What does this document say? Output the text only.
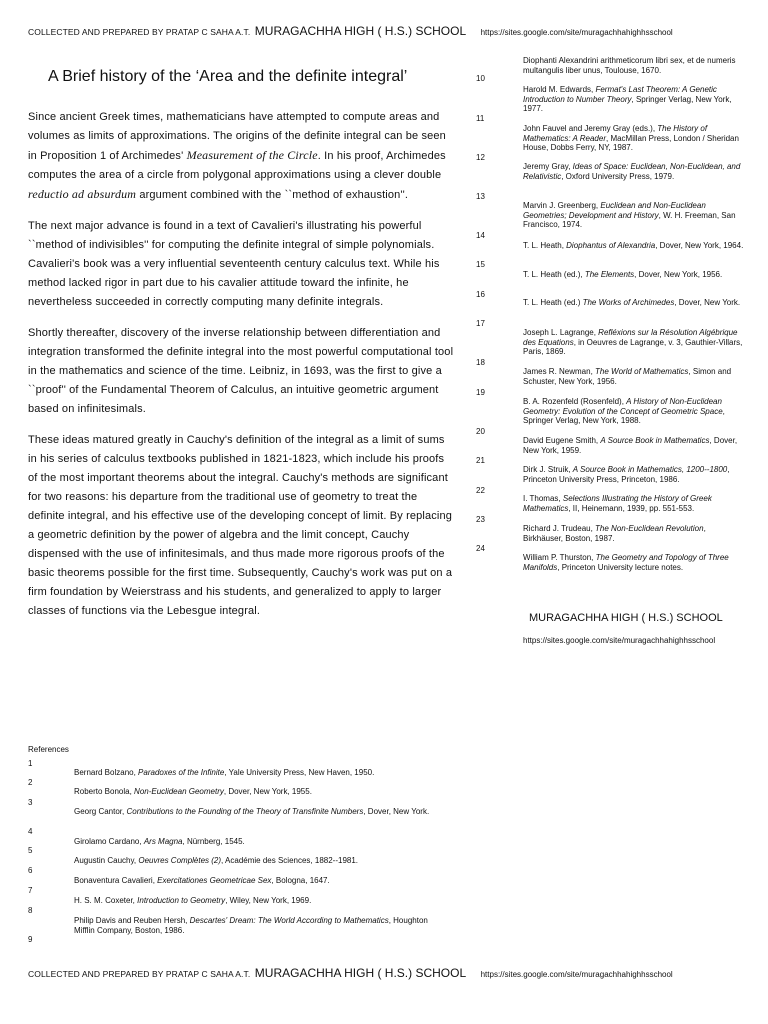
COLLECTED AND PREPARED BY PRATAP C SAHA A.T. MURAGACHHA HIGH ( H.S.) SCHOOL https://sites.google.com/site/muragachhahighhsschool
A Brief history of the ‘Area and the definite integral’

Since ancient Greek times, mathematicians have attempted to compute areas and volumes as limits of approximations. The origins of the definite integral can be seen in Proposition 1 of Archimedes' Measurement of the Circle. In his proof, Archimedes computes the area of a circle from polygonal approximations using a clever double reductio ad absurdum argument combined with the ``method of exhaustion''.

The next major advance is found in a text of Cavalieri's illustrating his powerful ``method of indivisibles'' for computing the definite integral of simple polynomials. Cavalieri's book was a very influential seventeenth century calculus text. While his method lacked rigor in part due to his cavalier attitude toward the infinite, he nevertheless succeeded in correctly computing many definite integrals.

Shortly thereafter, discovery of the inverse relationship between differentiation and integration transformed the definite integral into the most powerful computational tool in the mathematics and science of the time. Leibniz, in 1693, was the first to give a ``proof'' of the Fundamental Theorem of Calculus, an intuitive geometric argument based on infinitesimals.

These ideas matured greatly in Cauchy's definition of the integral as a limit of sums in his series of calculus textbooks published in 1821-1823, which include his proofs of the most important theorems about the integral. Cauchy's methods are significant for two reasons: his departure from the traditional use of geometry to treat the definite integral, and his effective use of the developing concept of limit. By replacing a geometric definition by the power of algebra and the limit concept, Cauchy dispensed with the use of infinitesimals, and thus made more rigorous proofs of the basic theorems possible for the first time. Subsequently, Cauchy's work was put on a firm foundation by Weierstrass and his students, and generalized to apply to larger classes of functions via the Lebesgue integral.

References
1
2
3
4
5
6
7
8
9
10
11
12
13
14
15
16
17
18
19
20
21
22
23
24
Bernard Bolzano, Paradoxes of the Infinite, Yale University Press, New Haven, 1950.
Roberto Bonola, Non-Euclidean Geometry, Dover, New York, 1955.
Georg Cantor, Contributions to the Founding of the Theory of Transfinite Numbers, Dover, New York.
Girolamo Cardano, Ars Magna, Nürnberg, 1545.
Augustin Cauchy, Oeuvres Complètes (2), Académie des Sciences, 1882--1981.
Bonaventura Cavalieri, Exercitationes Geometricae Sex, Bologna, 1647.
H. S. M. Coxeter, Introduction to Geometry, Wiley, New York, 1969.
Philip Davis and Reuben Hersh, Descartes' Dream: The World According to Mathematics, Houghton Mifflin Company, Boston, 1986.
Diophanti Alexandrini arithmeticorum libri sex, et de numeris multangulis liber unus, Toulouse, 1670.
Harold M. Edwards, Fermat's Last Theorem: A Genetic Introduction to Number Theory, Springer Verlag, New York, 1977.
John Fauvel and Jeremy Gray (eds.), The History of Mathematics: A Reader, MacMillan Press, London / Sheridan House, Dobbs Ferry, NY, 1987.
Jeremy Gray, Ideas of Space: Euclidean, Non-Euclidean, and Relativistic, Oxford University Press, 1979.
Marvin J. Greenberg, Euclidean and Non-Euclidean Geometries; Development and History, W. H. Freeman, San Francisco, 1974.
T. L. Heath, Diophantus of Alexandria, Dover, New York, 1964.
T. L. Heath (ed.), The Elements, Dover, New York, 1956.
T. L. Heath (ed.) The Works of Archimedes, Dover, New York.
Joseph L. Lagrange, Refléxions sur la Résolution Algébrique des Equations, in Oeuvres de Lagrange, v. 3, Gauthier-Villars, Paris, 1869.
James R. Newman, The World of Mathematics, Simon and Schuster, New York, 1956.
B. A. Rozenfeld (Rosenfeld), A History of Non-Euclidean Geometry: Evolution of the Concept of Geometric Space, Springer Verlag, New York, 1988.
David Eugene Smith, A Source Book in Mathematics, Dover, New York, 1959.
Dirk J. Struik, A Source Book in Mathematics, 1200--1800, Princeton University Press, Princeton, 1986.
I. Thomas, Selections Illustrating the History of Greek Mathematics, II, Heinemann, 1939, pp. 551-553.
Richard J. Trudeau, The Non-Euclidean Revolution, Birkhäuser, Boston, 1987.
William P. Thurston, The Geometry and Topology of Three Manifolds, Princeton University lecture notes.
MURAGACHHA HIGH ( H.S.) SCHOOL
https://sites.google.com/site/muragachhahighhsschool
COLLECTED AND PREPARED BY PRATAP C SAHA A.T. MURAGACHHA HIGH ( H.S.) SCHOOL https://sites.google.com/site/muragachhahighhsschool
